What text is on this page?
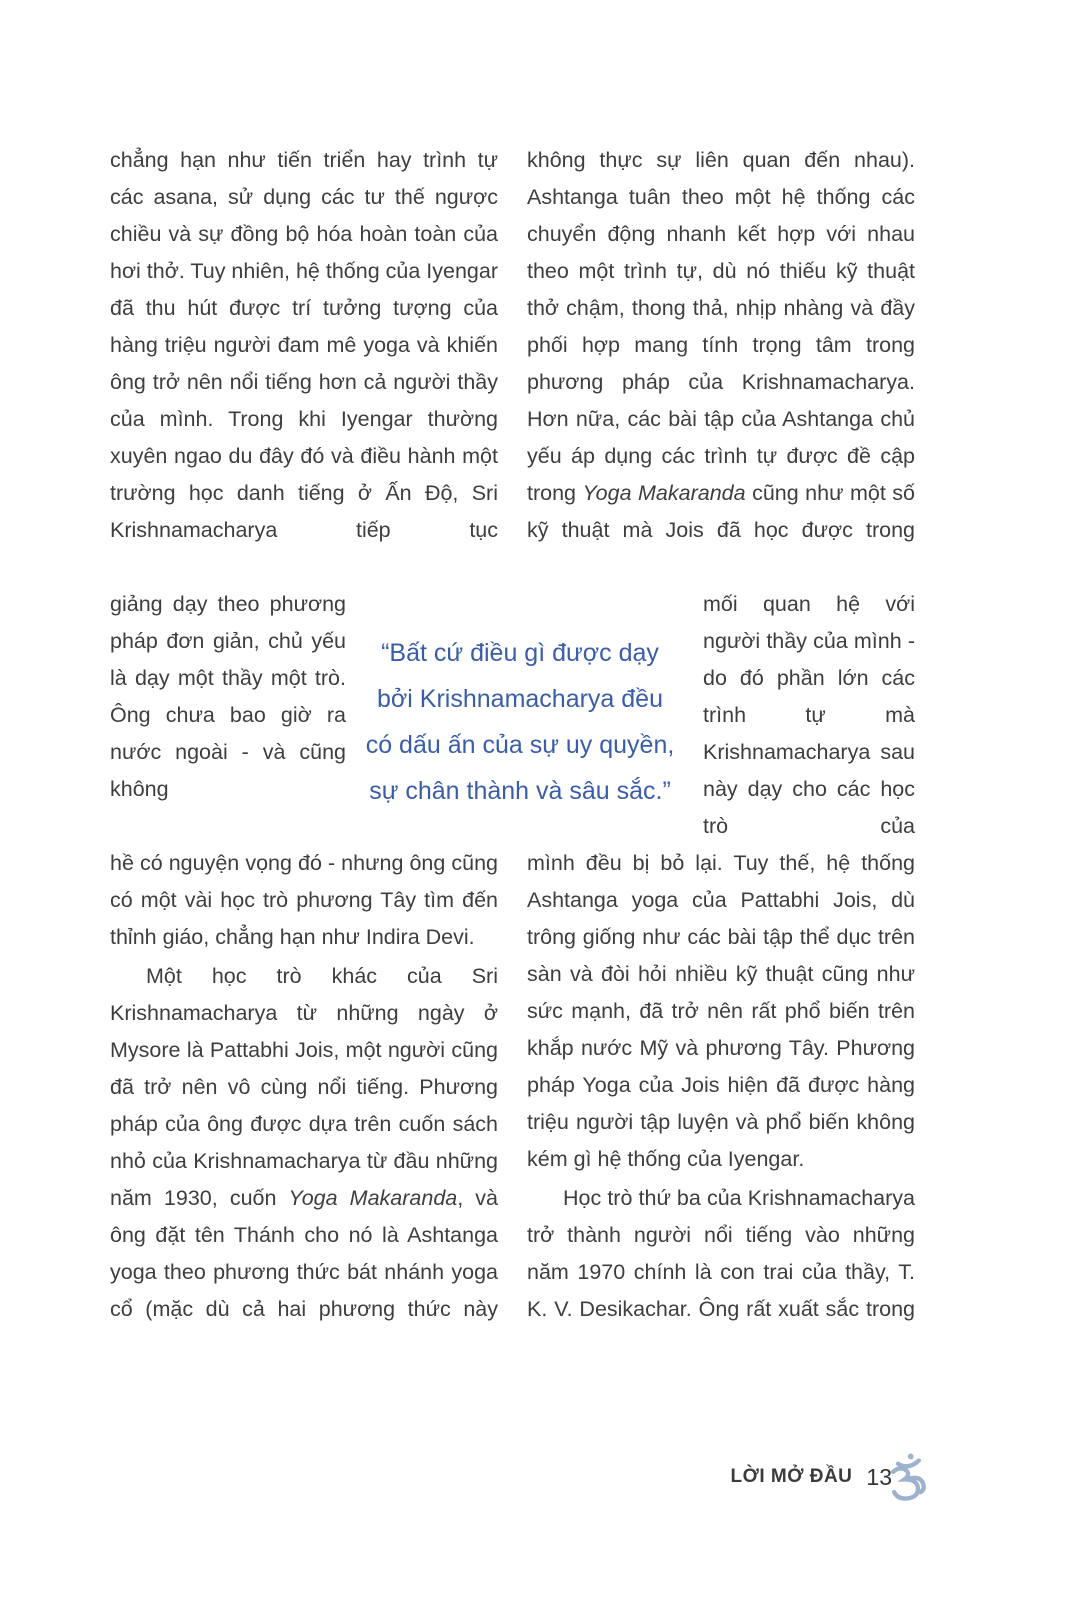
chẳng hạn như tiến triển hay trình tự các asana, sử dụng các tư thế ngược chiều và sự đồng bộ hóa hoàn toàn của hơi thở. Tuy nhiên, hệ thống của Iyengar đã thu hút được trí tưởng tượng của hàng triệu người đam mê yoga và khiến ông trở nên nổi tiếng hơn cả người thầy của mình. Trong khi Iyengar thường xuyên ngao du đây đó và điều hành một trường học danh tiếng ở Ấn Độ, Sri Krishnamacharya tiếp tục
giảng dạy theo phương pháp đơn giản, chủ yếu là dạy một thầy một trò. Ông chưa bao giờ ra nước ngoài - và cũng không
hề có nguyện vọng đó - nhưng ông cũng có một vài học trò phương Tây tìm đến thỉnh giáo, chẳng hạn như Indira Devi.
Một học trò khác của Sri Krishnamacharya từ những ngày ở Mysore là Pattabhi Jois, một người cũng đã trở nên vô cùng nổi tiếng. Phương pháp của ông được dựa trên cuốn sách nhỏ của Krishnamacharya từ đầu những năm 1930, cuốn Yoga Makaranda, và ông đặt tên Thánh cho nó là Ashtanga yoga theo phương thức bát nhánh yoga cổ (mặc dù cả hai phương thức này
không thực sự liên quan đến nhau). Ashtanga tuân theo một hệ thống các chuyển động nhanh kết hợp với nhau theo một trình tự, dù nó thiếu kỹ thuật thở chậm, thong thả, nhịp nhàng và đầy phối hợp mang tính trọng tâm trong phương pháp của Krishnamacharya. Hơn nữa, các bài tập của Ashtanga chủ yếu áp dụng các trình tự được đề cập trong Yoga Makaranda cũng như một số kỹ thuật mà Jois đã học được trong
mối quan hệ với người thầy của mình - do đó phần lớn các trình tự mà Krishnamacharya sau này dạy cho các học trò của
mình đều bị bỏ lại. Tuy thế, hệ thống Ashtanga yoga của Pattabhi Jois, dù trông giống như các bài tập thể dục trên sàn và đòi hỏi nhiều kỹ thuật cũng như sức mạnh, đã trở nên rất phổ biến trên khắp nước Mỹ và phương Tây. Phương pháp Yoga của Jois hiện đã được hàng triệu người tập luyện và phổ biến không kém gì hệ thống của Iyengar.
Học trò thứ ba của Krishnamacharya trở thành người nổi tiếng vào những năm 1970 chính là con trai của thầy, T. K. V. Desikachar. Ông rất xuất sắc trong
“Bất cứ điều gì được dạy
bởi Krishnamacharya đều
có dấu ấn của sự uy quyền,
sự chân thành và sâu sắc.”
LỜI MỞ ĐẦU 13
